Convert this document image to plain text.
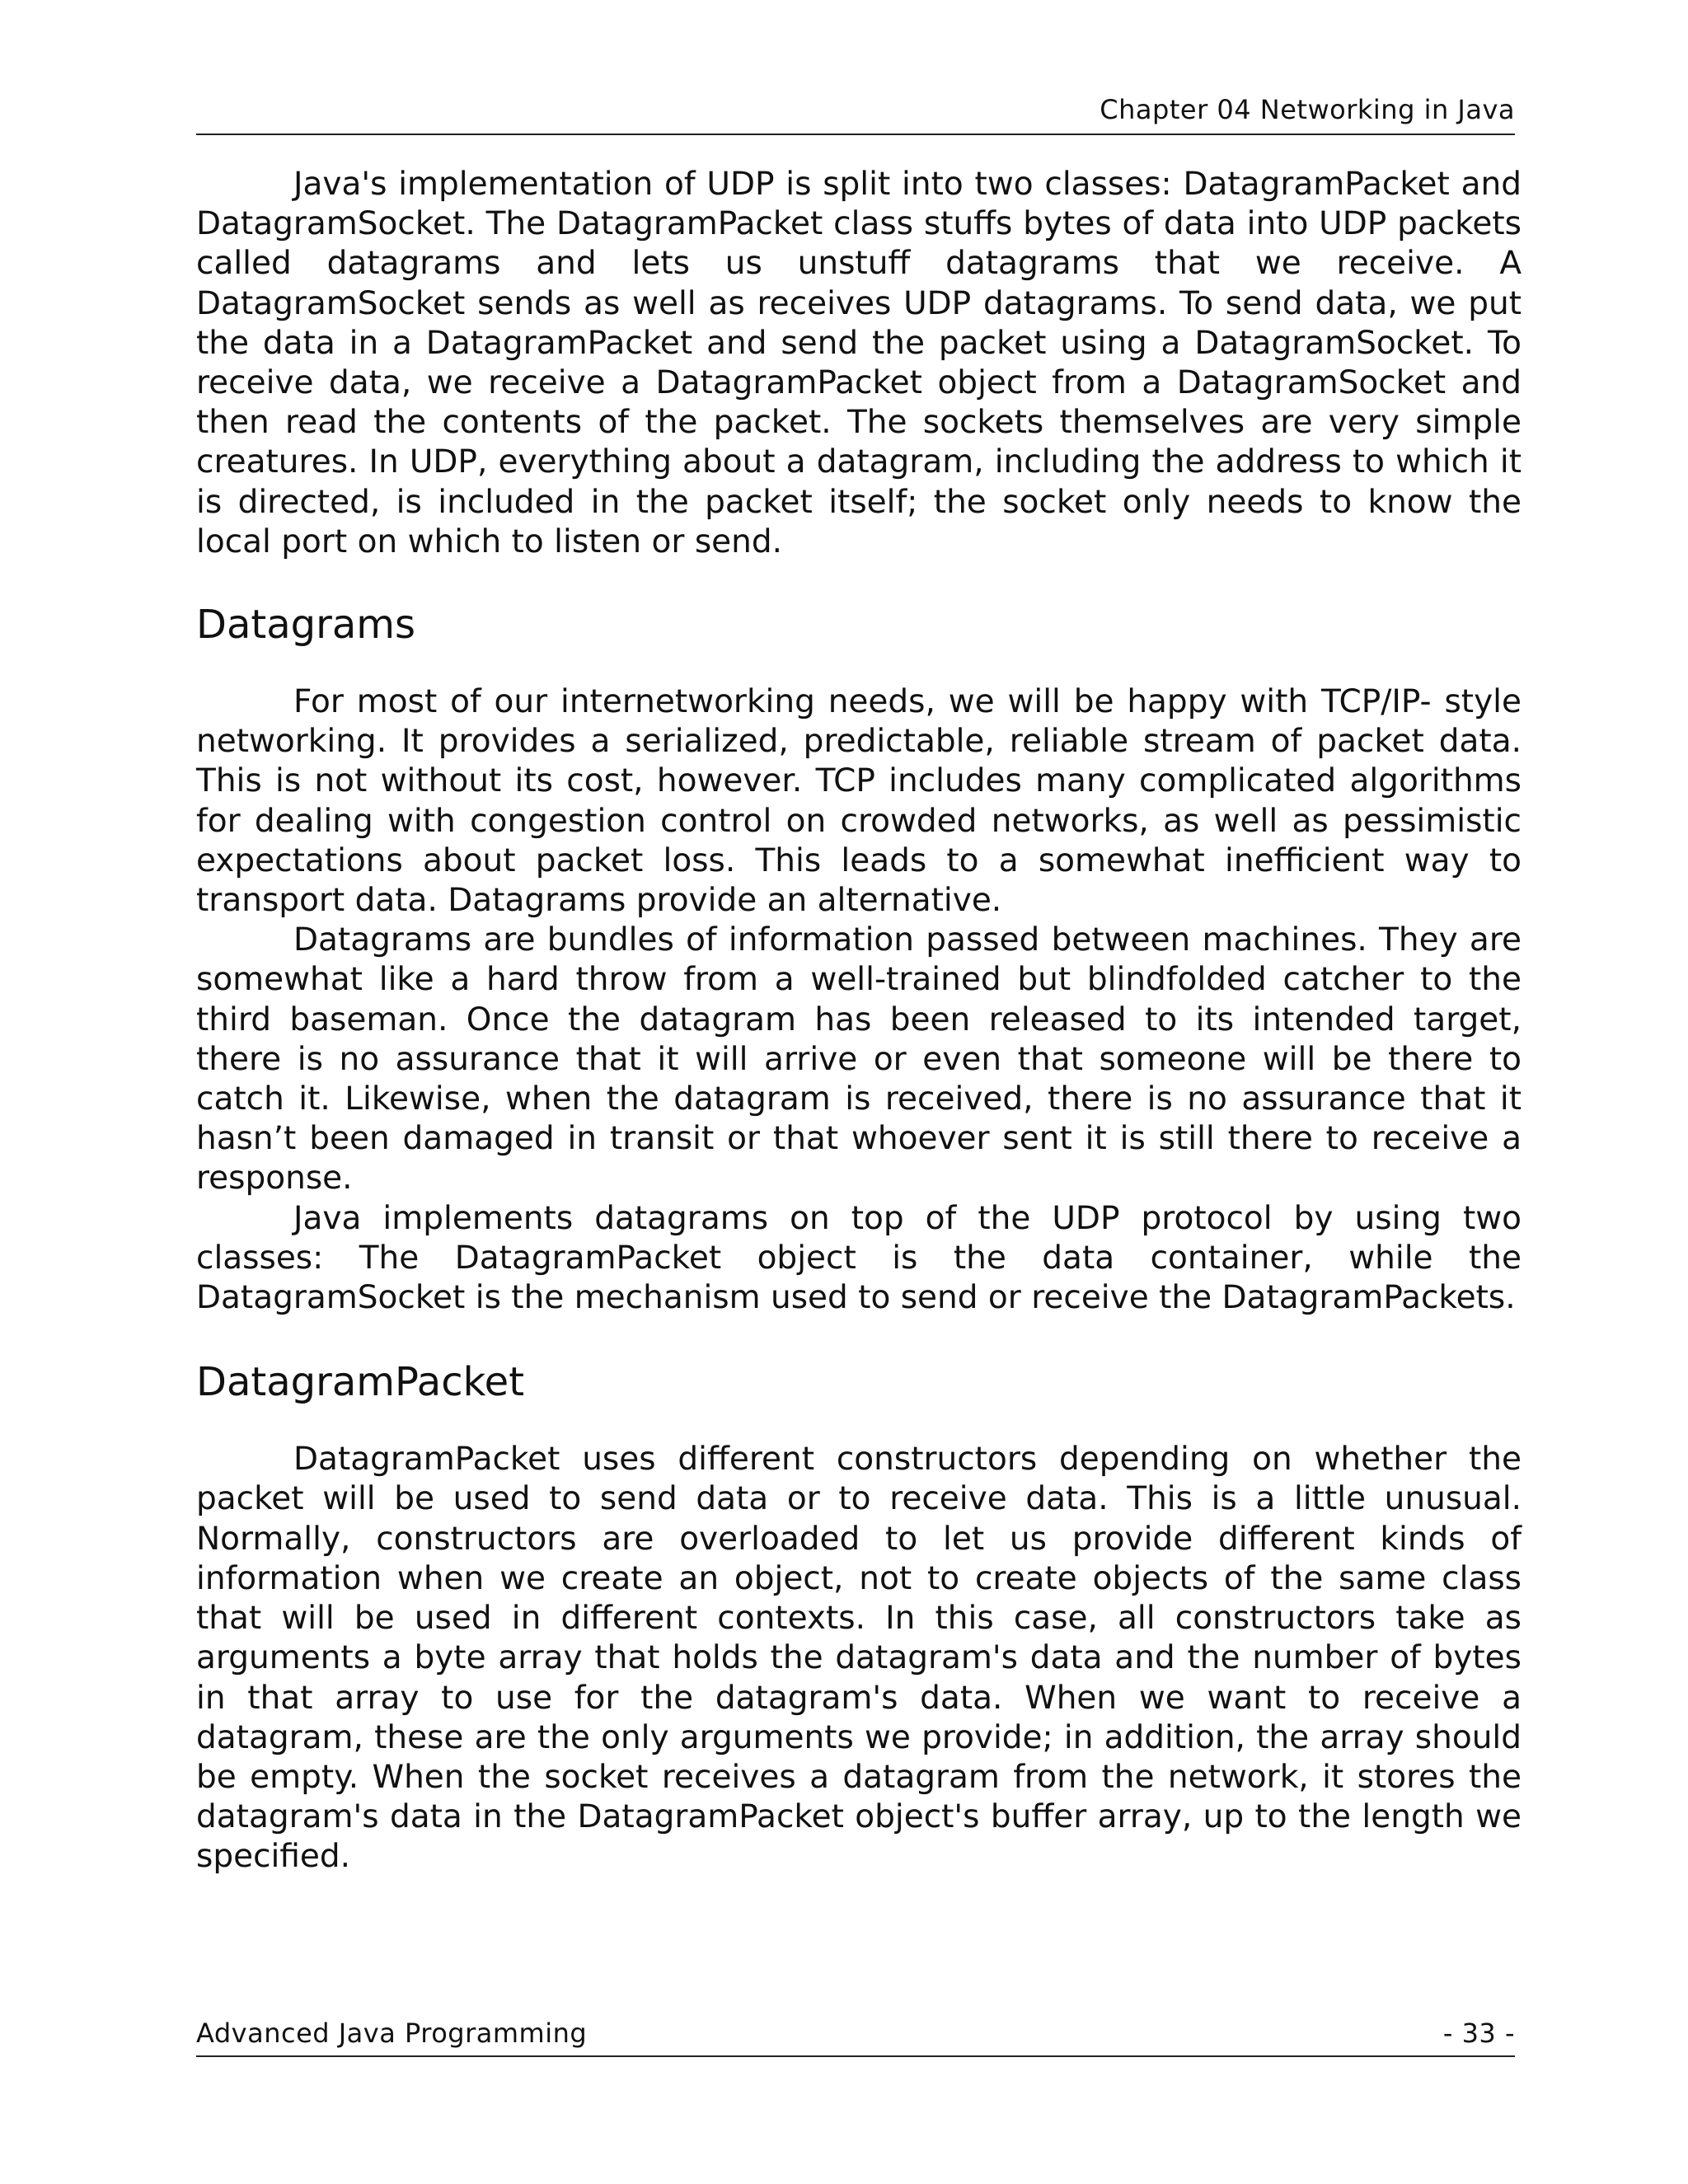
Chapter 04 Networking in Java

Java's implementation of UDP is split into two classes: DatagramPacket and DatagramSocket. The DatagramPacket class stuffs bytes of data into UDP packets called datagrams and lets us unstuff datagrams that we receive. A DatagramSocket sends as well as receives UDP datagrams. To send data, we put the data in a DatagramPacket and send the packet using a DatagramSocket. To receive data, we receive a DatagramPacket object from a DatagramSocket and then read the contents of the packet. The sockets themselves are very simple creatures. In UDP, everything about a datagram, including the address to which it is directed, is included in the packet itself; the socket only needs to know the local port on which to listen or send.

Datagrams

For most of our internetworking needs, we will be happy with TCP/IP- style networking. It provides a serialized, predictable, reliable stream of packet data. This is not without its cost, however. TCP includes many complicated algorithms for dealing with congestion control on crowded networks, as well as pessimistic expectations about packet loss. This leads to a somewhat inefficient way to transport data. Datagrams provide an alternative.

Datagrams are bundles of information passed between machines. They are somewhat like a hard throw from a well-trained but blindfolded catcher to the third baseman. Once the datagram has been released to its intended target, there is no assurance that it will arrive or even that someone will be there to catch it. Likewise, when the datagram is received, there is no assurance that it hasn’t been damaged in transit or that whoever sent it is still there to receive a response.

Java implements datagrams on top of the UDP protocol by using two classes: The DatagramPacket object is the data container, while the DatagramSocket is the mechanism used to send or receive the DatagramPackets.

DatagramPacket

DatagramPacket uses different constructors depending on whether the packet will be used to send data or to receive data. This is a little unusual. Normally, constructors are overloaded to let us provide different kinds of information when we create an object, not to create objects of the same class that will be used in different contexts. In this case, all constructors take as arguments a byte array that holds the datagram's data and the number of bytes in that array to use for the datagram's data. When we want to receive a datagram, these are the only arguments we provide; in addition, the array should be empty. When the socket receives a datagram from the network, it stores the datagram's data in the DatagramPacket object's buffer array, up to the length we specified.

Advanced Java Programming	- 33 -
